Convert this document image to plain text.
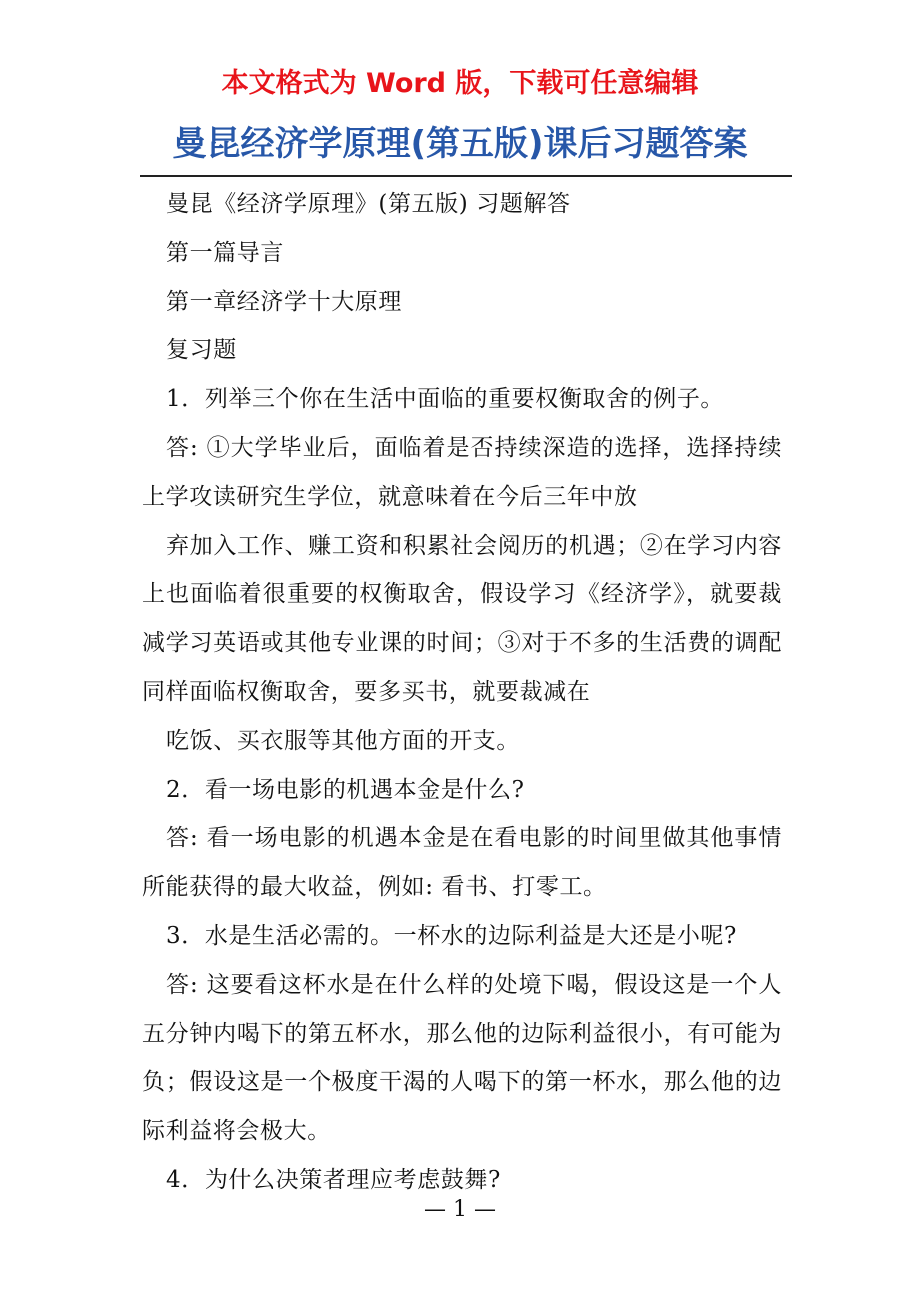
本文格式为 Word 版，下载可任意编辑
曼昆经济学原理(第五版)课后习题答案

曼昆《经济学原理》(第五版) 习题解答

第一篇导言

第一章经济学十大原理

复习题

1．列举三个你在生活中面临的重要权衡取舍的例子。

答: ①大学毕业后，面临着是否持续深造的选择，选择持续上学攻读研究生学位，就意味着在今后三年中放

弃加入工作、赚工资和积累社会阅历的机遇；②在学习内容上也面临着很重要的权衡取舍，假设学习《经济学》，就要裁减学习英语或其他专业课的时间；③对于不多的生活费的调配同样面临权衡取舍，要多买书，就要裁减在

吃饭、买衣服等其他方面的开支。

2．看一场电影的机遇本金是什么?

答: 看一场电影的机遇本金是在看电影的时间里做其他事情所能获得的最大收益，例如: 看书、打零工。

3．水是生活必需的。一杯水的边际利益是大还是小呢?

答: 这要看这杯水是在什么样的处境下喝，假设这是一个人五分钟内喝下的第五杯水，那么他的边际利益很小，有可能为负；假设这是一个极度干渴的人喝下的第一杯水，那么他的边际利益将会极大。

4．为什么决策者理应考虑鼓舞?

— 1 —
